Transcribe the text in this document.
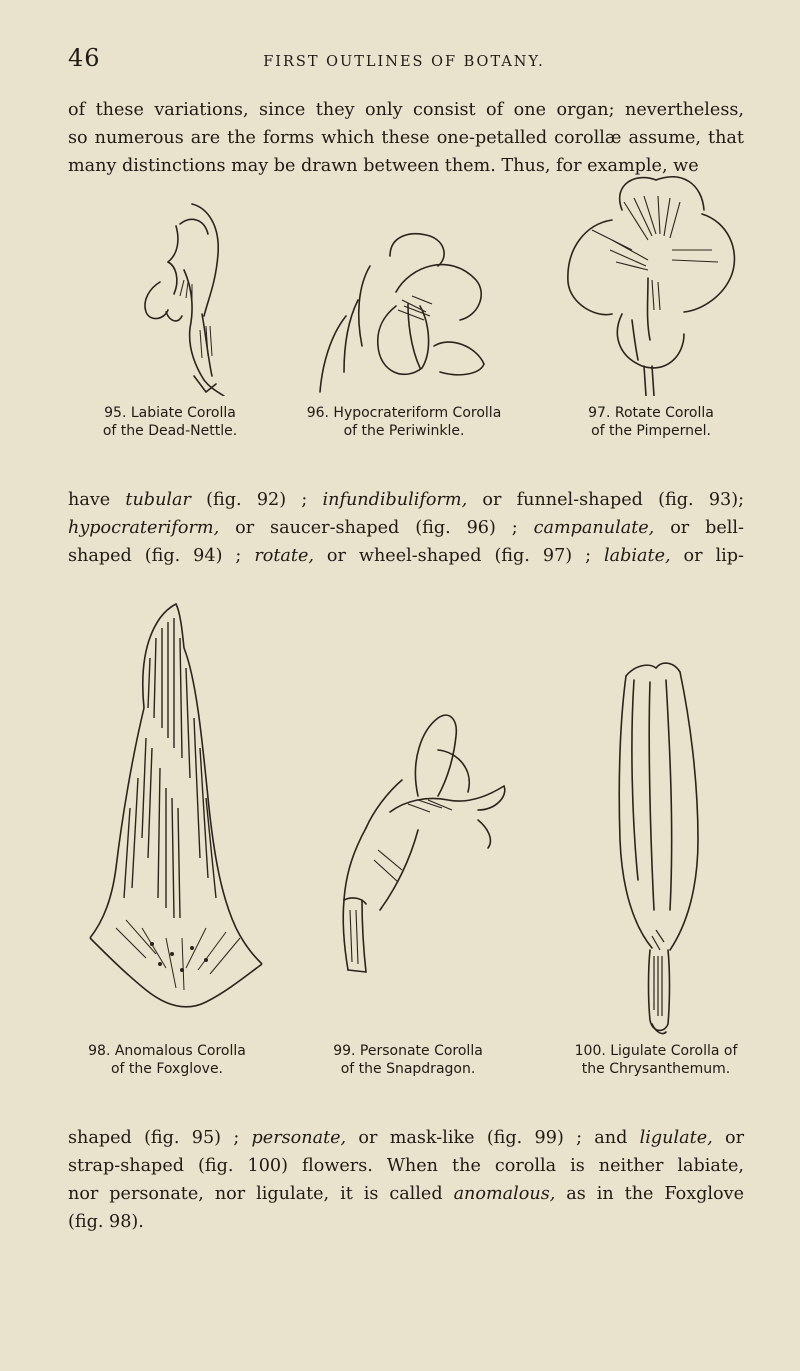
46	FIRST OUTLINES OF BOTANY.

of these variations, since they only consist of one organ; nevertheless,
so numerous are the forms which these one-petalled corollæ assume, that
many distinctions may be drawn between them. Thus, for example, we

95. Labiate Corolla
of the Dead-Nettle.
96. Hypocrateriform Corolla
of the Periwinkle.
97. Rotate Corolla
of the Pimpernel.

have tubular (fig. 92) ; infundibuliform, or funnel-shaped (fig. 93);
hypocrateriform, or saucer-shaped (fig. 96) ; campanulate, or bell-
shaped (fig. 94) ; rotate, or wheel-shaped (fig. 97) ; labiate, or lip-

98. Anomalous Corolla
of the Foxglove.
99. Personate Corolla
of the Snapdragon.
100. Ligulate Corolla of
the Chrysanthemum.

shaped (fig. 95) ; personate, or mask-like (fig. 99) ; and ligulate, or
strap-shaped (fig. 100) flowers. When the corolla is neither labiate,
nor personate, nor ligulate, it is called anomalous, as in the Foxglove
(fig. 98).
